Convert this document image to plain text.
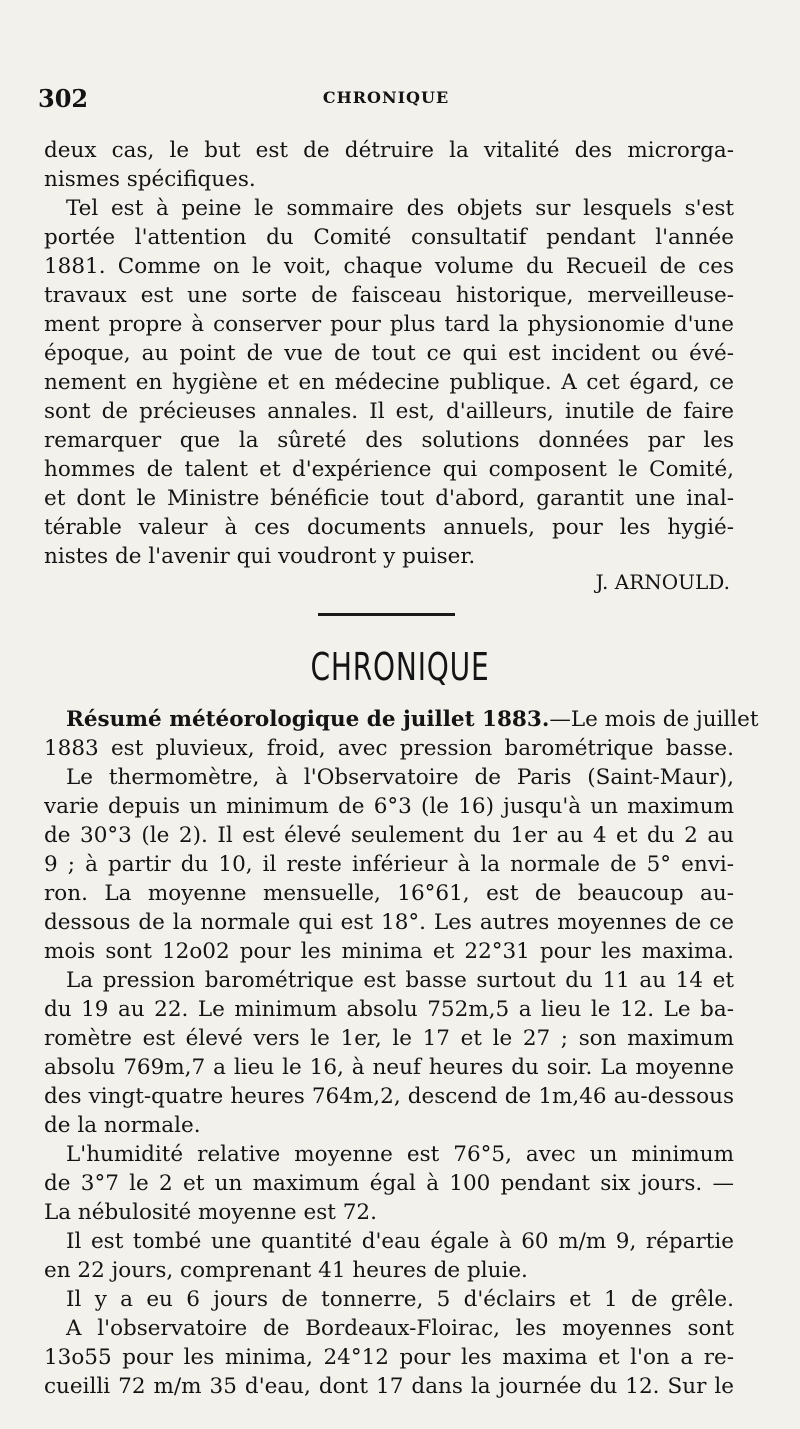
302	CHRONIQUE
deux cas, le but est de détruire la vitalité des microrga-
nismes spécifiques.
Tel est à peine le sommaire des objets sur lesquels s'est
portée l'attention du Comité consultatif pendant l'année
1881. Comme on le voit, chaque volume du Recueil de ces
travaux est une sorte de faisceau historique, merveilleuse-
ment propre à conserver pour plus tard la physionomie d'une
époque, au point de vue de tout ce qui est incident ou évé-
nement en hygiène et en médecine publique. A cet égard, ce
sont de précieuses annales. Il est, d'ailleurs, inutile de faire
remarquer que la sûreté des solutions données par les
hommes de talent et d'expérience qui composent le Comité,
et dont le Ministre bénéficie tout d'abord, garantit une inal-
térable valeur à ces documents annuels, pour les hygié-
nistes de l'avenir qui voudront y puiser.
J. ARNOULD.
CHRONIQUE
Résumé météorologique de juillet 1883.—Le mois de juillet
1883 est pluvieux, froid, avec pression barométrique basse.
Le thermomètre, à l'Observatoire de Paris (Saint-Maur),
varie depuis un minimum de 6°3 (le 16) jusqu'à un maximum
de 30°3 (le 2). Il est élevé seulement du 1er au 4 et du 2 au
9 ; à partir du 10, il reste inférieur à la normale de 5° envi-
ron. La moyenne mensuelle, 16°61, est de beaucoup au-
dessous de la normale qui est 18°. Les autres moyennes de ce
mois sont 12o02 pour les minima et 22°31 pour les maxima.
La pression barométrique est basse surtout du 11 au 14 et
du 19 au 22. Le minimum absolu 752m,5 a lieu le 12. Le ba-
romètre est élevé vers le 1er, le 17 et le 27 ; son maximum
absolu 769m,7 a lieu le 16, à neuf heures du soir. La moyenne
des vingt-quatre heures 764m,2, descend de 1m,46 au-dessous
de la normale.
L'humidité relative moyenne est 76°5, avec un minimum
de 3°7 le 2 et un maximum égal à 100 pendant six jours. —
La nébulosité moyenne est 72.
Il est tombé une quantité d'eau égale à 60 m/m 9, répartie
en 22 jours, comprenant 41 heures de pluie.
Il y a eu 6 jours de tonnerre, 5 d'éclairs et 1 de grêle.
A l'observatoire de Bordeaux-Floirac, les moyennes sont
13o55 pour les minima, 24°12 pour les maxima et l'on a re-
cueilli 72 m/m 35 d'eau, dont 17 dans la journée du 12. Sur le
